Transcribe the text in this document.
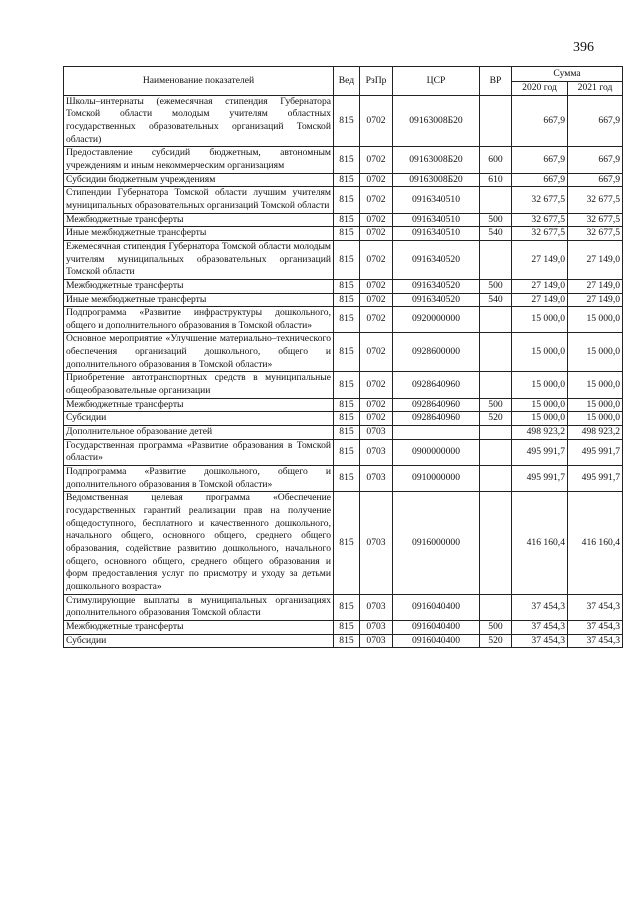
396
Наименование показателей	Вед	РзПр	ЦСР	ВР	Сумма	
					2020 год	2021 год
Школы–интернаты (ежемесячная стипендия Губернатора Томской области молодым учителям областных государственных образовательных организаций Томской области)	815	0702	09163008Б20		667,9	667,9
Предоставление субсидий бюджетным, автономным учреждениям и иным некоммерческим организациям	815	0702	09163008Б20	600	667,9	667,9
Субсидии бюджетным учреждениям	815	0702	09163008Б20	610	667,9	667,9
Стипендии Губернатора Томской области лучшим учителям муниципальных образовательных организаций Томской области	815	0702	0916340510		32 677,5	32 677,5
Межбюджетные трансферты	815	0702	0916340510	500	32 677,5	32 677,5
Иные межбюджетные трансферты	815	0702	0916340510	540	32 677,5	32 677,5
Ежемесячная стипендия Губернатора Томской области молодым учителям муниципальных образовательных организаций Томской области	815	0702	0916340520		27 149,0	27 149,0
Межбюджетные трансферты	815	0702	0916340520	500	27 149,0	27 149,0
Иные межбюджетные трансферты	815	0702	0916340520	540	27 149,0	27 149,0
Подпрограмма «Развитие инфраструктуры дошкольного, общего и дополнительного образования в Томской области»	815	0702	0920000000		15 000,0	15 000,0
Основное мероприятие «Улучшение материально–технического обеспечения организаций дошкольного, общего и дополнительного образования в Томской области»	815	0702	0928600000		15 000,0	15 000,0
Приобретение автотранспортных средств в муниципальные общеобразовательные организации	815	0702	0928640960		15 000,0	15 000,0
Межбюджетные трансферты	815	0702	0928640960	500	15 000,0	15 000,0
Субсидии	815	0702	0928640960	520	15 000,0	15 000,0
Дополнительное образование детей	815	0703			498 923,2	498 923,2
Государственная программа «Развитие образования в Томской области»	815	0703	0900000000		495 991,7	495 991,7
Подпрограмма «Развитие дошкольного, общего и дополнительного образования в Томской области»	815	0703	0910000000		495 991,7	495 991,7
Ведомственная целевая программа «Обеспечение государственных гарантий реализации прав на получение общедоступного, бесплатного и качественного дошкольного, начального общего, основного общего, среднего общего образования, содействие развитию дошкольного, начального общего, основного общего, среднего общего образования и форм предоставления услуг по присмотру и уходу за детьми дошкольного возраста»	815	0703	0916000000		416 160,4	416 160,4
Стимулирующие выплаты в муниципальных организациях дополнительного образования Томской области	815	0703	0916040400		37 454,3	37 454,3
Межбюджетные трансферты	815	0703	0916040400	500	37 454,3	37 454,3
Субсидии	815	0703	0916040400	520	37 454,3	37 454,3
